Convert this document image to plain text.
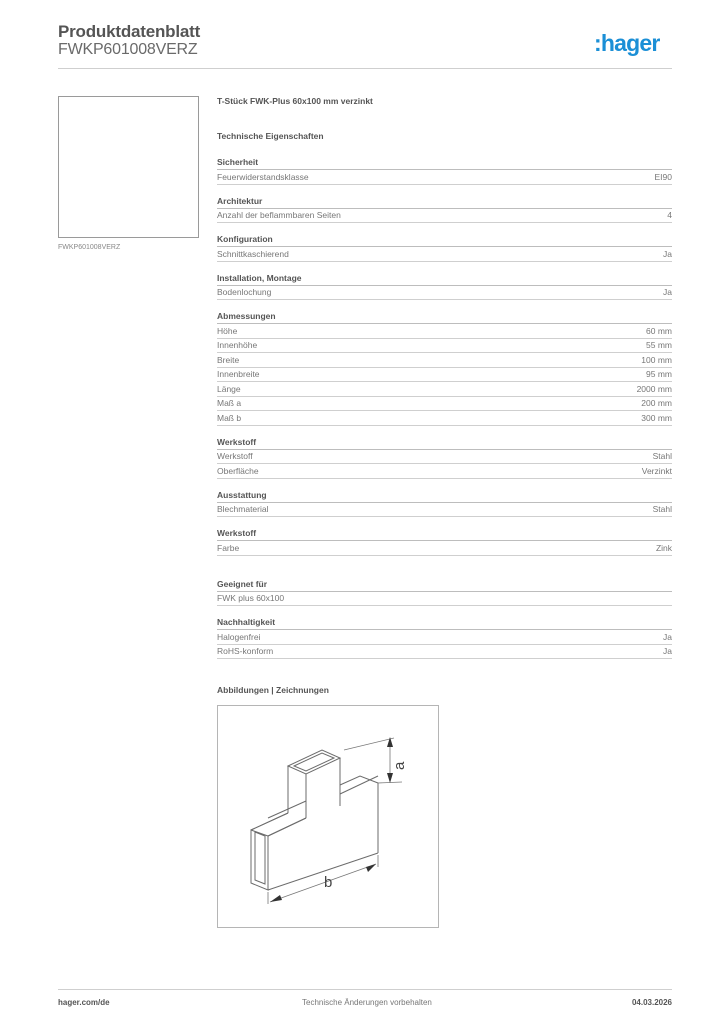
Produktdatenblatt
FWKP601008VERZ	:hager
FWKP601008VERZ
T-Stück FWK-Plus 60x100 mm verzinkt
Technische Eigenschaften
Sicherheit
Feuerwiderstandsklasse	EI90
Architektur
Anzahl der beflammbaren Seiten	4
Konfiguration
Schnittkaschierend	Ja
Installation, Montage
Bodenlochung	Ja
Abmessungen
Höhe	60 mm
Innenhöhe	55 mm
Breite	100 mm
Innenbreite	95 mm
Länge	2000 mm
Maß a	200 mm
Maß b	300 mm
Werkstoff
Werkstoff	Stahl
Oberfläche	Verzinkt
Ausstattung
Blechmaterial	Stahl
Werkstoff
Farbe	Zink
Geeignet für
FWK plus 60x100
Nachhaltigkeit
Halogenfrei	Ja
RoHS-konform	Ja
Abbildungen | Zeichnungen
a
b
hager.com/de	Technische Änderungen vorbehalten	04.03.2026
